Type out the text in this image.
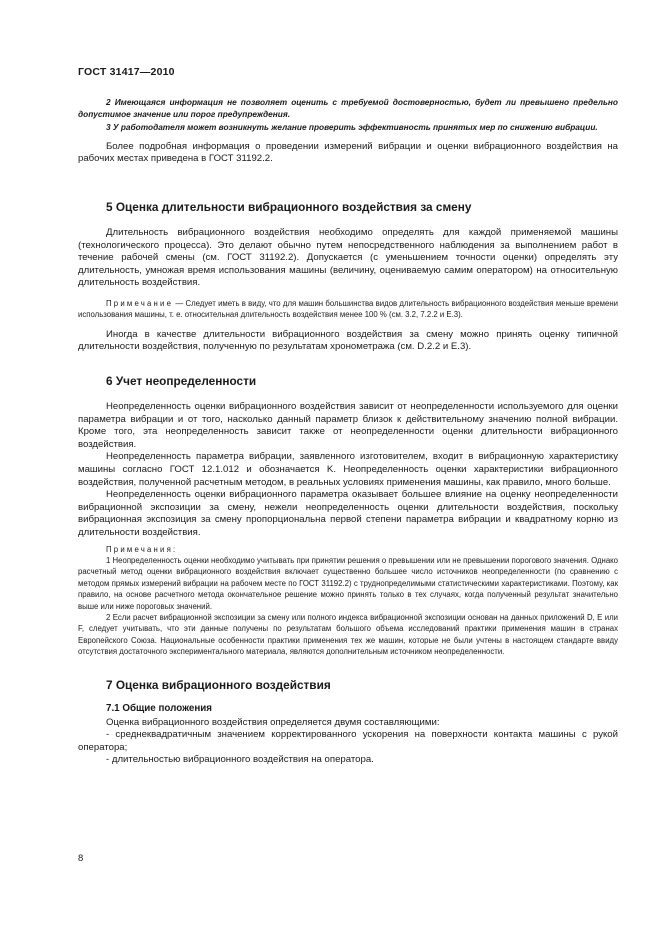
ГОСТ 31417—2010

2 Имеющаяся информация не позволяет оценить с требуемой достоверностью, будет ли превышено предельно допустимое значение или порог предупреждения.

3 У работодателя может возникнуть желание проверить эффективность принятых мер по снижению вибрации.

Более подробная информация о проведении измерений вибрации и оценки вибрационного воздействия на рабочих местах приведена в ГОСТ 31192.2.

5 Оценка длительности вибрационного воздействия за смену

Длительность вибрационного воздействия необходимо определять для каждой применяемой машины (технологического процесса). Это делают обычно путем непосредственного наблюдения за выполнением работ в течение рабочей смены (см. ГОСТ 31192.2). Допускается (с уменьшением точности оценки) определять эту длительность, умножая время использования машины (величину, оцениваемую самим оператором) на относительную длительность воздействия.

Примечание — Следует иметь в виду, что для машин большинства видов длительность вибрационного воздействия меньше времени использования машины, т. е. относительная длительность воздействия менее 100 % (см. 3.2, 7.2.2 и Е.3).

Иногда в качестве длительности вибрационного воздействия за смену можно принять оценку типичной длительности воздействия, полученную по результатам хронометража (см. D.2.2 и Е.3).

6 Учет неопределенности

Неопределенность оценки вибрационного воздействия зависит от неопределенности используемого для оценки параметра вибрации и от того, насколько данный параметр близок к действительному значению полной вибрации. Кроме того, эта неопределенность зависит также от неопределенности оценки длительности вибрационного воздействия.

Неопределенность параметра вибрации, заявленного изготовителем, входит в вибрационную характеристику машины согласно ГОСТ 12.1.012 и обозначается K. Неопределенность оценки характеристики вибрационного воздействия, полученной расчетным методом, в реальных условиях применения машины, как правило, много больше.

Неопределенность оценки вибрационного параметра оказывает большее влияние на оценку неопределенности вибрационной экспозиции за смену, нежели неопределенность оценки длительности воздействия, поскольку вибрационная экспозиция за смену пропорциональна первой степени параметра вибрации и квадратному корню из длительности воздействия.

Примечания:

1 Неопределенность оценки необходимо учитывать при принятии решения о превышении или не превышении порогового значения. Однако расчетный метод оценки вибрационного воздействия включает существенно большее число источников неопределенности (по сравнению с методом прямых измерений вибрации на рабочем месте по ГОСТ 31192.2) с труднопределимыми статистическими характеристиками. Поэтому, как правило, на основе расчетного метода окончательное решение можно принять только в тех случаях, когда полученный результат значительно выше или ниже пороговых значений.

2 Если расчет вибрационной экспозиции за смену или полного индекса вибрационной экспозиции основан на данных приложений D, E или F, следует учитывать, что эти данные получены по результатам большого объема исследований практики применения машин в странах Европейского Союза. Национальные особенности практики применения тех же машин, которые не были учтены в настоящем стандарте ввиду отсутствия достаточного экспериментального материала, являются дополнительным источником неопределенности.

7 Оценка вибрационного воздействия
7.1 Общие положения

Оценка вибрационного воздействия определяется двумя составляющими:

- среднеквадратичным значением корректированного ускорения на поверхности контакта машины с рукой оператора;

- длительностью вибрационного воздействия на оператора.

8
